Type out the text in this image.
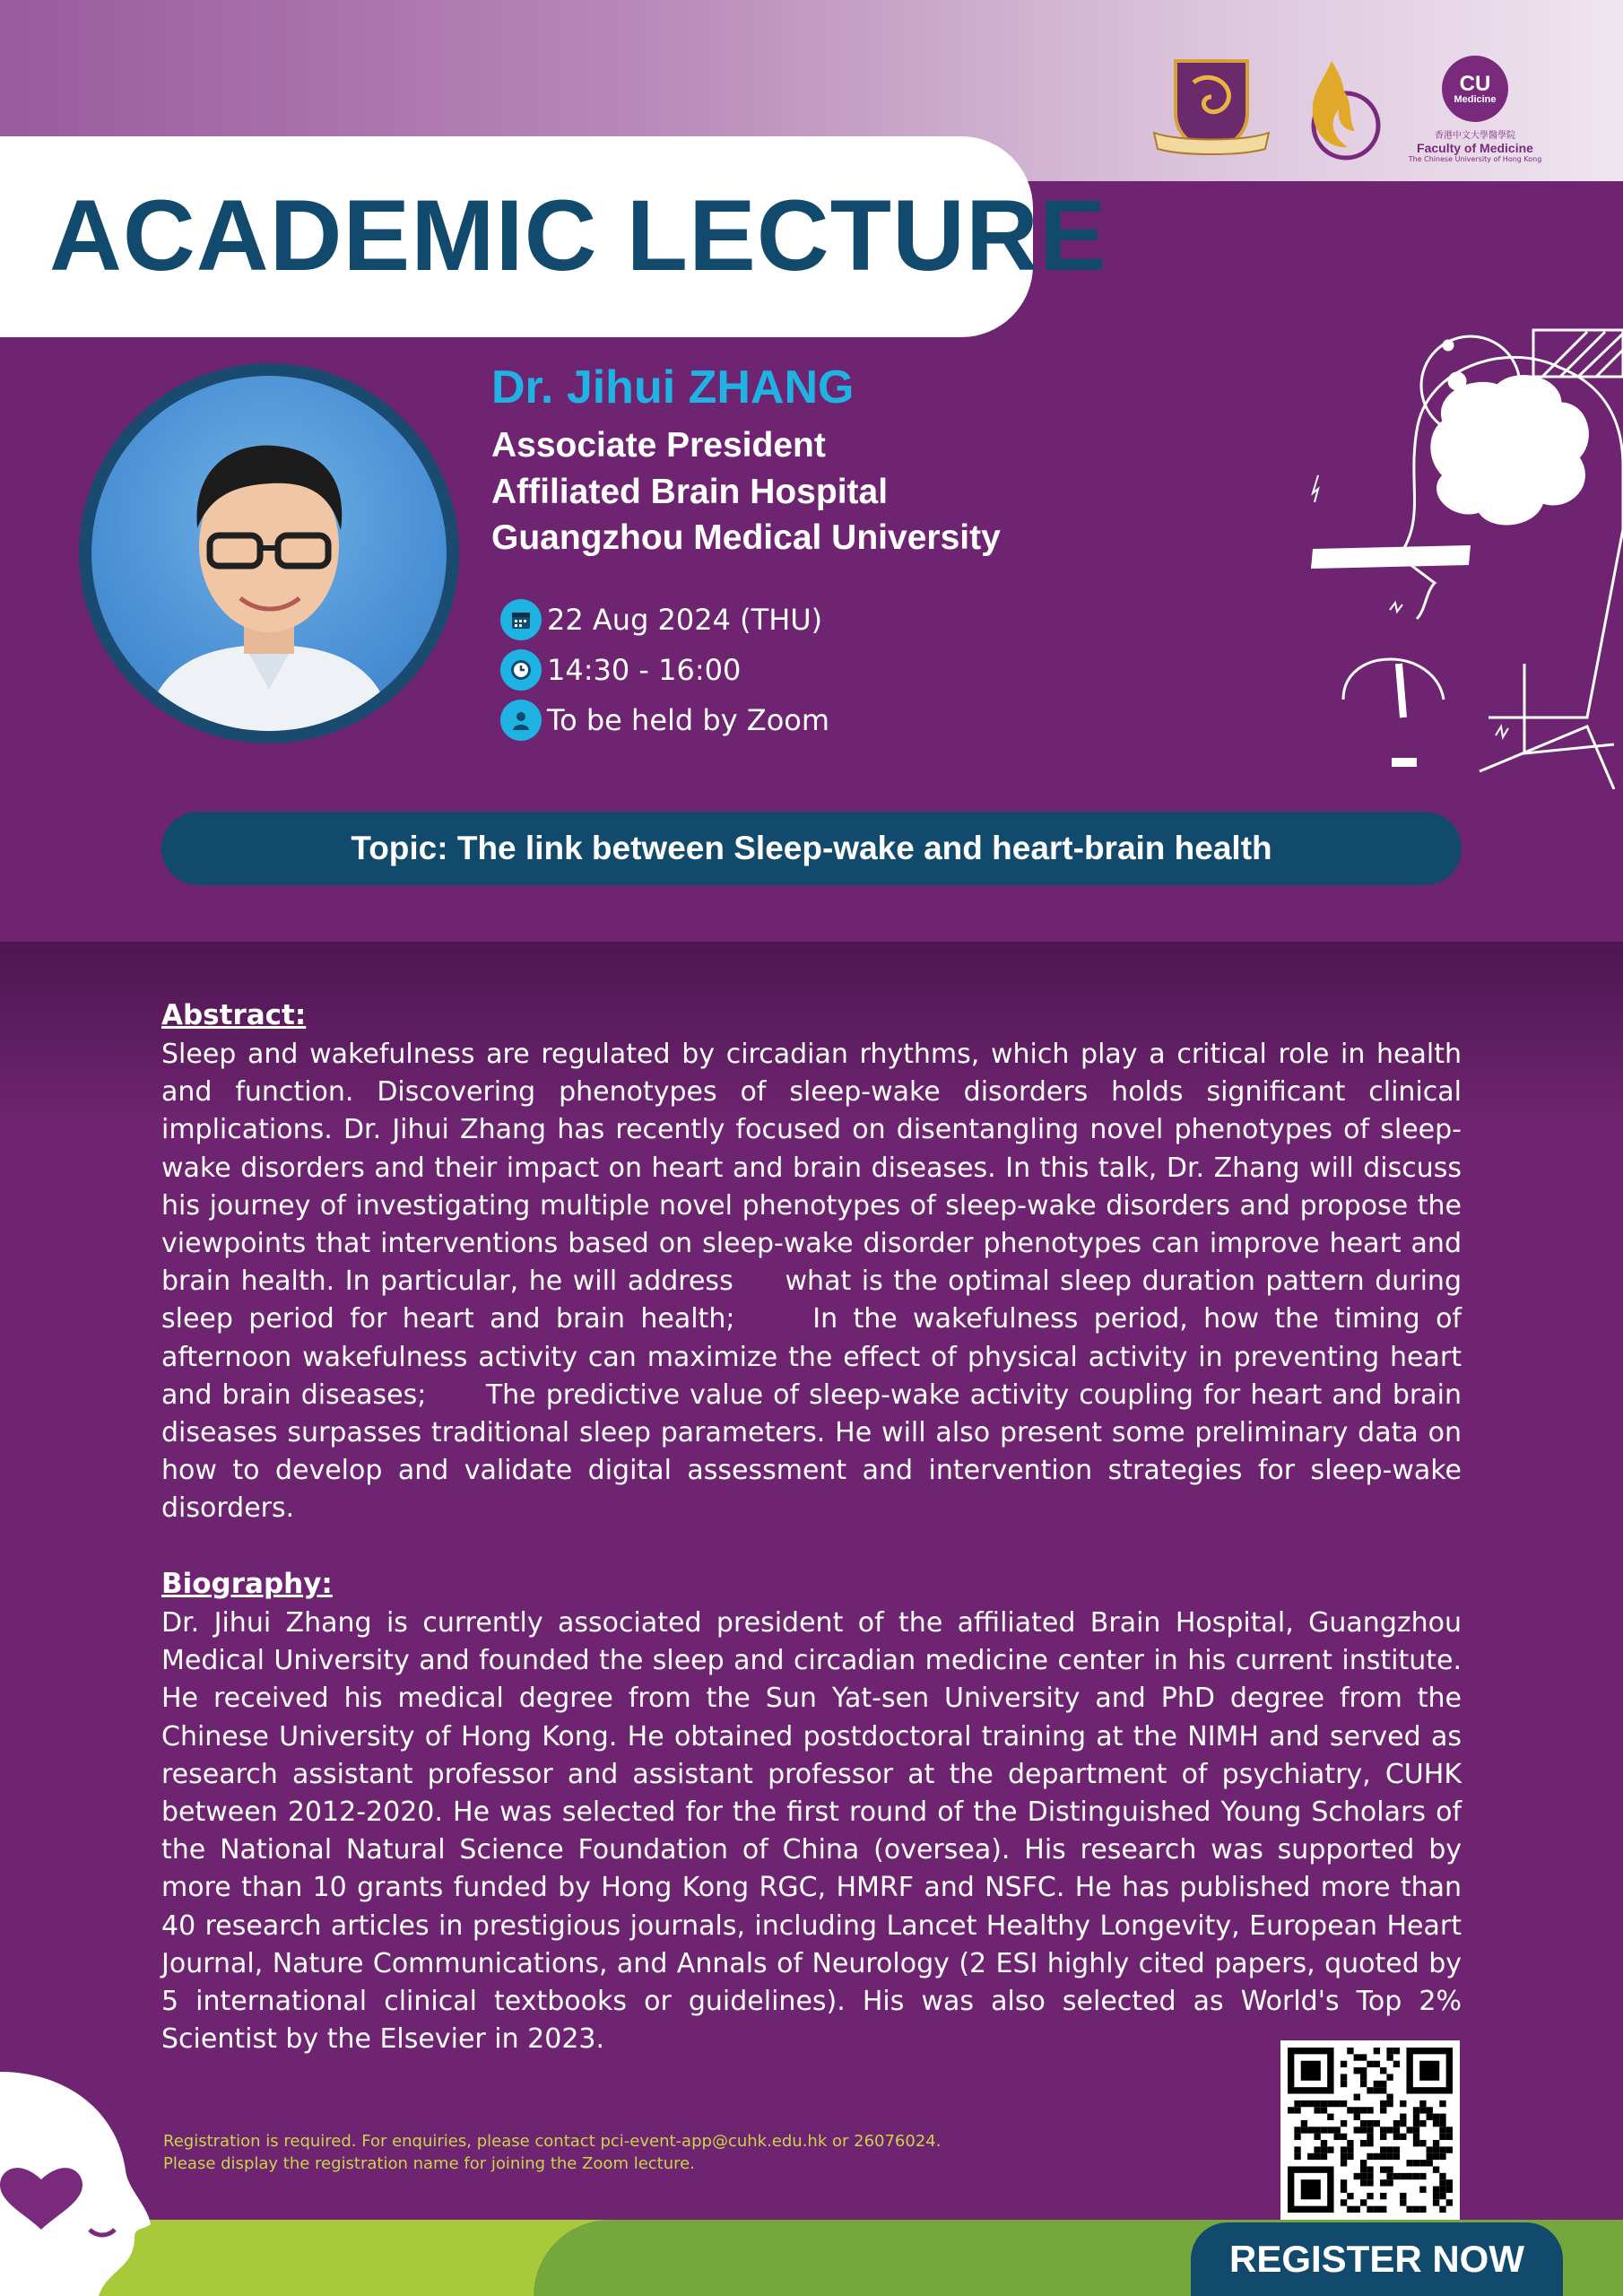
CU
Medicine
香港中文大學醫學院
Faculty of Medicine
The Chinese University of Hong Kong
ACADEMIC LECTURE
Dr. Jihui ZHANG
Associate President
Affiliated Brain Hospital
Guangzhou Medical University
22 Aug 2024 (THU)
14:30 - 16:00
To be held by Zoom
Topic: The link between Sleep-wake and heart-brain health
Abstract:

Sleep and wakefulness are regulated by circadian rhythms, which play a critical role in health and function. Discovering phenotypes of sleep-wake disorders holds significant clinical implications. Dr. Jihui Zhang has recently focused on disentangling novel phenotypes of sleep-wake disorders and their impact on heart and brain diseases. In this talk, Dr. Zhang will discuss his journey of investigating multiple novel phenotypes of sleep-wake disorders and propose the viewpoints that interventions based on sleep-wake disorder phenotypes can improve heart and brain health. In particular, he will address     what is the optimal sleep duration pattern during sleep period for heart and brain health;     In the wakefulness period, how the timing of afternoon wakefulness activity can maximize the effect of physical activity in preventing heart and brain diseases;      The predictive value of sleep-wake activity coupling for heart and brain diseases surpasses traditional sleep parameters. He will also present some preliminary data on how to develop and validate digital assessment and intervention strategies for sleep-wake disorders.

Biography:

Dr. Jihui Zhang is currently associated president of the affiliated Brain Hospital, Guangzhou Medical University and founded the sleep and circadian medicine center in his current institute. He received his medical degree from the Sun Yat-sen University and PhD degree from the Chinese University of Hong Kong. He obtained postdoctoral training at the NIMH and served as research assistant professor and assistant professor at the department of psychiatry, CUHK between 2012-2020. He was selected for the first round of the Distinguished Young Scholars of the National Natural Science Foundation of China (oversea). His research was supported by more than 10 grants funded by Hong Kong RGC, HMRF and NSFC. He has published more than 40 research articles in prestigious journals, including Lancet Healthy Longevity, European Heart Journal, Nature Communications, and Annals of Neurology (2 ESI highly cited papers, quoted by 5 international clinical textbooks or guidelines). His was also selected as World's Top 2% Scientist by the Elsevier in 2023.

Registration is required. For enquiries, please contact pci-event-app@cuhk.edu.hk or 26076024.
Please display the registration name for joining the Zoom lecture.
REGISTER NOW
